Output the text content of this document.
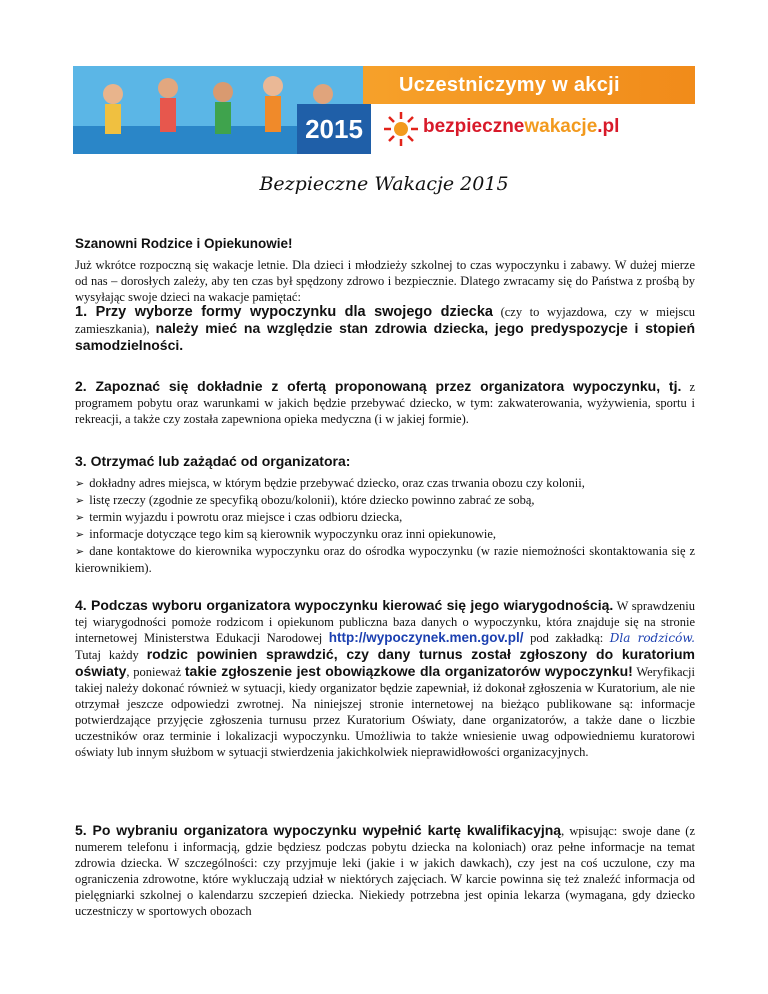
Uczestniczymy w akcji
2015	bezpiecznewakacje.pl
Bezpieczne Wakacje 2015
Szanowni Rodzice i Opiekunowie!
Już wkrótce rozpoczną się wakacje letnie. Dla dzieci i młodzieży szkolnej to czas wypoczynku i zabawy. W dużej mierze od nas – dorosłych zależy, aby ten czas był spędzony zdrowo i bezpiecznie. Dlatego zwracamy się do Państwa z prośbą by wysyłając swoje dzieci na wakacje pamiętać:
1. Przy wyborze formy wypoczynku dla swojego dziecka (czy to wyjazdowa, czy w miejscu zamieszkania), należy mieć na względzie stan zdrowia dziecka, jego predyspozycje i stopień samodzielności.
2. Zapoznać się dokładnie z ofertą proponowaną przez organizatora wypoczynku, tj. z programem pobytu oraz warunkami w jakich będzie przebywać dziecko, w tym: zakwaterowania, wyżywienia, sportu i rekreacji, a także czy została zapewniona opieka medyczna (i w jakiej formie).
3. Otrzymać lub zażądać od organizatora:
➢ dokładny adres miejsca, w którym będzie przebywać dziecko, oraz czas trwania obozu czy kolonii,
➢ listę rzeczy (zgodnie ze specyfiką obozu/kolonii), które dziecko powinno zabrać ze sobą,
➢ termin wyjazdu i powrotu oraz miejsce i czas odbioru dziecka,
➢ informacje dotyczące tego kim są kierownik wypoczynku oraz inni opiekunowie,
➢ dane kontaktowe do kierownika wypoczynku oraz do ośrodka wypoczynku (w razie niemożności skontaktowania się z kierownikiem).
4. Podczas wyboru organizatora wypoczynku kierować się jego wiarygodnością. W sprawdzeniu tej wiarygodności pomoże rodzicom i opiekunom publiczna baza danych o wypoczynku, która znajduje się na stronie internetowej Ministerstwa Edukacji Narodowej http://wypoczynek.men.gov.pl/ pod zakładką: Dla rodziców. Tutaj każdy rodzic powinien sprawdzić, czy dany turnus został zgłoszony do kuratorium oświaty, ponieważ takie zgłoszenie jest obowiązkowe dla organizatorów wypoczynku! Weryfikacji takiej należy dokonać również w sytuacji, kiedy organizator będzie zapewniał, iż dokonał zgłoszenia w Kuratorium, ale nie otrzymał jeszcze odpowiedzi zwrotnej. Na niniejszej stronie internetowej na bieżąco publikowane są: informacje potwierdzające przyjęcie zgłoszenia turnusu przez Kuratorium Oświaty, dane organizatorów, a także dane o liczbie uczestników oraz terminie i lokalizacji wypoczynku. Umożliwia to także wniesienie uwag odpowiedniemu kuratorowi oświaty lub innym służbom w sytuacji stwierdzenia jakichkolwiek nieprawidłowości organizacyjnych.
5. Po wybraniu organizatora wypoczynku wypełnić kartę kwalifikacyjną, wpisując: swoje dane (z numerem telefonu i informacją, gdzie będziesz podczas pobytu dziecka na koloniach) oraz pełne informacje na temat zdrowia dziecka. W szczególności: czy przyjmuje leki (jakie i w jakich dawkach), czy jest na coś uczulone, czy ma ograniczenia zdrowotne, które wykluczają udział w niektórych zajęciach. W karcie powinna się też znaleźć informacja od pielęgniarki szkolnej o kalendarzu szczepień dziecka. Niekiedy potrzebna jest opinia lekarza (wymagana, gdy dziecko uczestniczy w sportowych obozach
